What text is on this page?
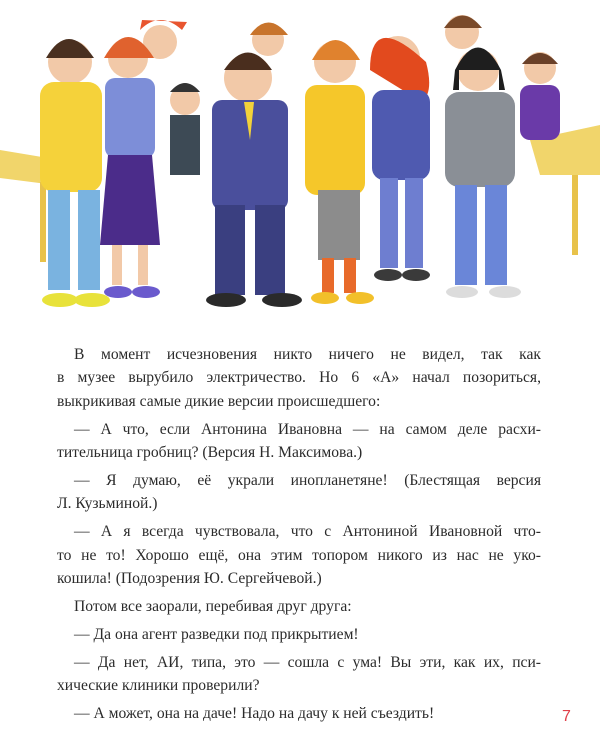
В момент исчезновения никто ничего не видел, так как
в музее вырубило электричество. Но 6 «А» начал позориться,
выкрикивая самые дикие версии происшедшего:
— А что, если Антонина Ивановна — на самом деле расхи-
тительница гробниц? (Версия Н. Максимова.)
— Я думаю, её украли инопланетяне! (Блестящая версия
Л. Кузьминой.)
— А я всегда чувствовала, что с Антониной Ивановной что-
то не то! Хорошо ещё, она этим топором никого из нас не уко-
кошила! (Подозрения Ю. Сергейчевой.)
Потом все заорали, перебивая друг друга:
— Да она агент разведки под прикрытием!
— Да нет, АИ, типа, это — сошла с ума! Вы эти, как их, пси-
хические клиники проверили?
— А может, она на даче! Надо на дачу к ней съездить!	7
